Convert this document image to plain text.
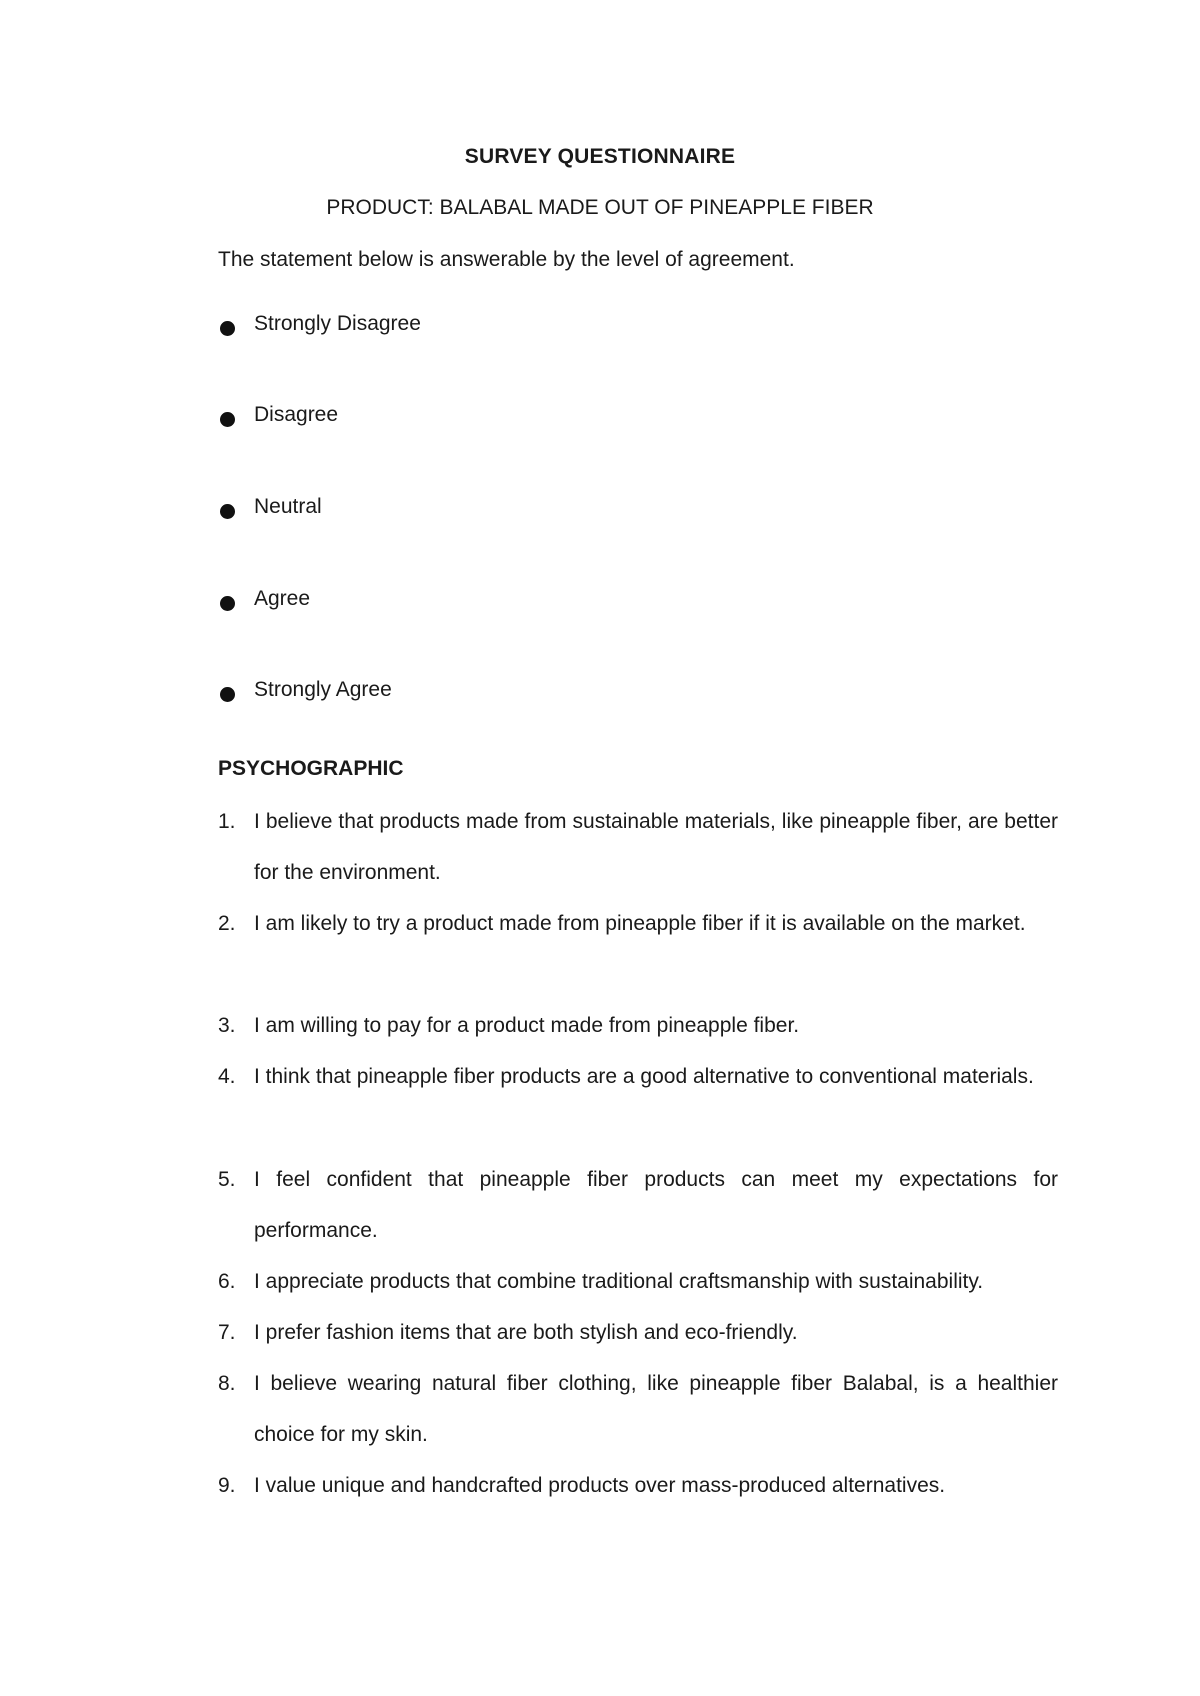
SURVEY QUESTIONNAIRE
PRODUCT: BALABAL MADE OUT OF PINEAPPLE FIBER
The statement below is answerable by the level of agreement.
Strongly Disagree
Disagree
Neutral
Agree
Strongly Agree
PSYCHOGRAPHIC
1. I believe that products made from sustainable materials, like pineapple fiber, are better for the environment.
2. I am likely to try a product made from pineapple fiber if it is available on the market.
3. I am willing to pay for a product made from pineapple fiber.
4. I think that pineapple fiber products are a good alternative to conventional materials.
5. I feel confident that pineapple fiber products can meet my expectations for performance.
6. I appreciate products that combine traditional craftsmanship with sustainability.
7. I prefer fashion items that are both stylish and eco-friendly.
8. I believe wearing natural fiber clothing, like pineapple fiber Balabal, is a healthier choice for my skin.
9. I value unique and handcrafted products over mass-produced alternatives.
